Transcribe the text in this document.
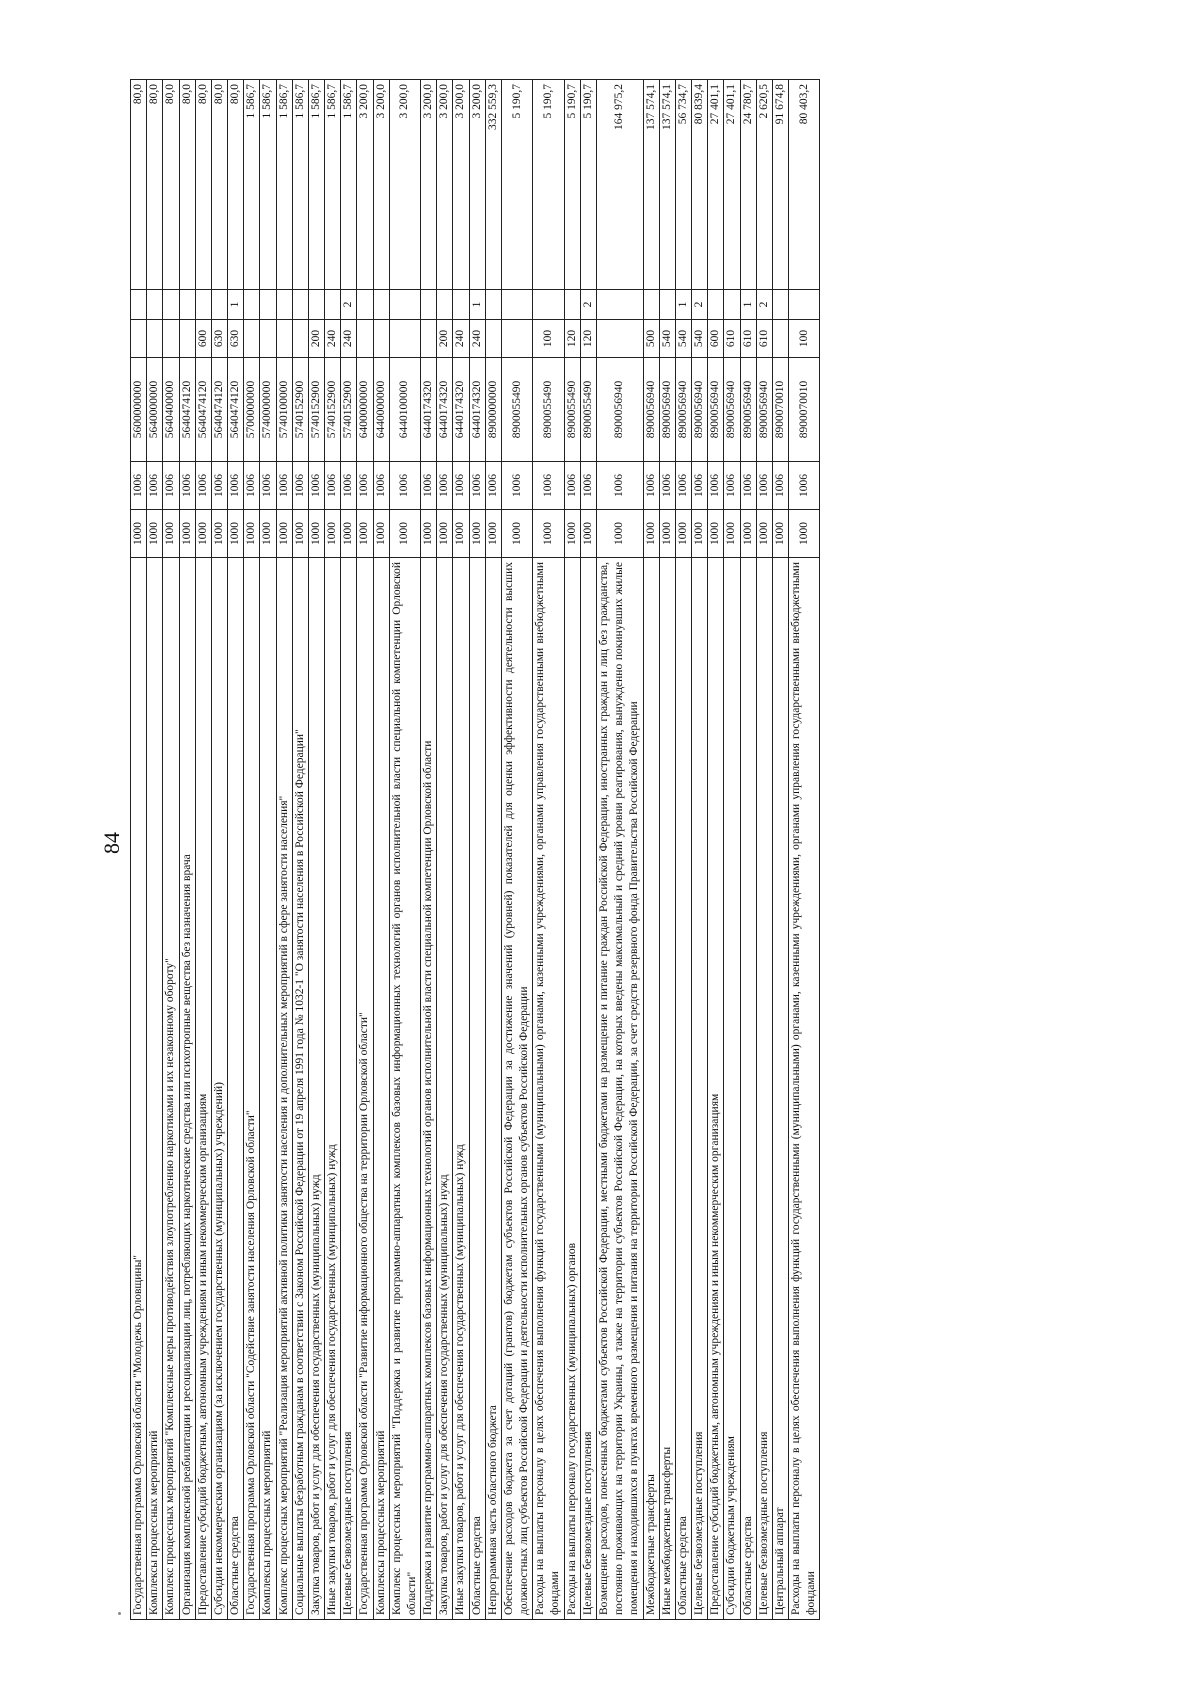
84
Государственная программа Орловской области "Молодежь Орловщины"	1000	1006	5600000000			80,0
Комплексы процессных мероприятий	1000	1006	5640000000			80,0
Комплекс процессных мероприятий "Комплексные меры противодействия злоупотреблению наркотиками и их незаконному обороту"	1000	1006	5640400000			80,0
Организация комплексной реабилитации и ресоциализации лиц, потребляющих наркотические средства или психотропные вещества без назначения врача	1000	1006	5640474120			80,0
Предоставление субсидий бюджетным, автономным учреждениям и иным некоммерческим организациям	1000	1006	5640474120	600		80,0
Субсидии некоммерческим организациям (за исключением государственных (муниципальных) учреждений)	1000	1006	5640474120	630		80,0
Областные средства	1000	1006	5640474120	630	1	80,0
Государственная программа Орловской области "Содействие занятости населения Орловской области"	1000	1006	5700000000			1 586,7
Комплексы процессных мероприятий	1000	1006	5740000000			1 586,7
Комплекс процессных мероприятий "Реализация мероприятий активной политики занятости населения и дополнительных мероприятий в сфере занятости населения"	1000	1006	5740100000			1 586,7
Социальные выплаты безработным гражданам в соответствии с Законом Российской Федерации от 19 апреля 1991 года № 1032-1 "О занятости населения в Российской Федерации"	1000	1006	5740152900			1 586,7
Закупка товаров, работ и услуг для обеспечения государственных (муниципальных) нужд	1000	1006	5740152900	200		1 586,7
Иные закупки товаров, работ и услуг для обеспечения государственных (муниципальных) нужд	1000	1006	5740152900	240		1 586,7
Целевые безвозмездные поступления	1000	1006	5740152900	240	2	1 586,7
Государственная программа Орловской области "Развитие информационного общества на территории Орловской области"	1000	1006	6400000000			3 200,0
Комплексы процессных мероприятий	1000	1006	6440000000			3 200,0
Комплекс процессных мероприятий "Поддержка и развитие программно-аппаратных комплексов базовых информационных технологий органов исполнительной власти специальной компетенции Орловской области"	1000	1006	6440100000			3 200,0
Поддержка и развитие программно-аппаратных комплексов базовых информационных технологий органов исполнительной власти специальной компетенции Орловской области	1000	1006	6440174320			3 200,0
Закупка товаров, работ и услуг для обеспечения государственных (муниципальных) нужд	1000	1006	6440174320	200		3 200,0
Иные закупки товаров, работ и услуг для обеспечения государственных (муниципальных) нужд	1000	1006	6440174320	240		3 200,0
Областные средства	1000	1006	6440174320	240	1	3 200,0
Непрограммная часть областного бюджета	1000	1006	8900000000			332 559,3
Обеспечение расходов бюджета за счет дотаций (грантов) бюджетам субъектов Российской Федерации за достижение значений (уровней) показателей для оценки эффективности деятельности высших должностных лиц субъектов Российской Федерации и деятельности исполнительных органов субъектов Российской Федерации	1000	1006	8900055490			5 190,7
Расходы на выплаты персоналу в целях обеспечения выполнения функций государственными (муниципальными) органами, казенными учреждениями, органами управления государственными внебюджетными фондами	1000	1006	8900055490	100		5 190,7
Расходы на выплаты персоналу государственных (муниципальных) органов	1000	1006	8900055490	120		5 190,7
Целевые безвозмездные поступления	1000	1006	8900055490	120	2	5 190,7
Возмещение расходов, понесенных бюджетами субъектов Российской Федерации, местными бюджетами на размещение и питание граждан Российской Федерации, иностранных граждан и лиц без гражданства, постоянно проживающих на территории Украины, а также на территории субъектов Российской Федерации, на которых введены максимальный и средний уровни реагирования, вынужденно покинувших жилые помещения и находившихся в пунктах временного размещения и питания на территории Российской Федерации, за счет средств резервного фонда Правительства Российской Федерации	1000	1006	8900056940			164 975,2
Межбюджетные трансферты	1000	1006	8900056940	500		137 574,1
Иные межбюджетные трансферты	1000	1006	8900056940	540		137 574,1
Областные средства	1000	1006	8900056940	540	1	56 734,7
Целевые безвозмездные поступления	1000	1006	8900056940	540	2	80 839,4
Предоставление субсидий бюджетным, автономным учреждениям и иным некоммерческим организациям	1000	1006	8900056940	600		27 401,1
Субсидии бюджетным учреждениям	1000	1006	8900056940	610		27 401,1
Областные средства	1000	1006	8900056940	610	1	24 780,7
Целевые безвозмездные поступления	1000	1006	8900056940	610	2	2 620,5
Центральный аппарат	1000	1006	8900070010			91 674,8
Расходы на выплаты персоналу в целях обеспечения выполнения функций государственными (муниципальными) органами, казенными учреждениями, органами управления государственными внебюджетными фондами	1000	1006	8900070010	100		80 403,2
